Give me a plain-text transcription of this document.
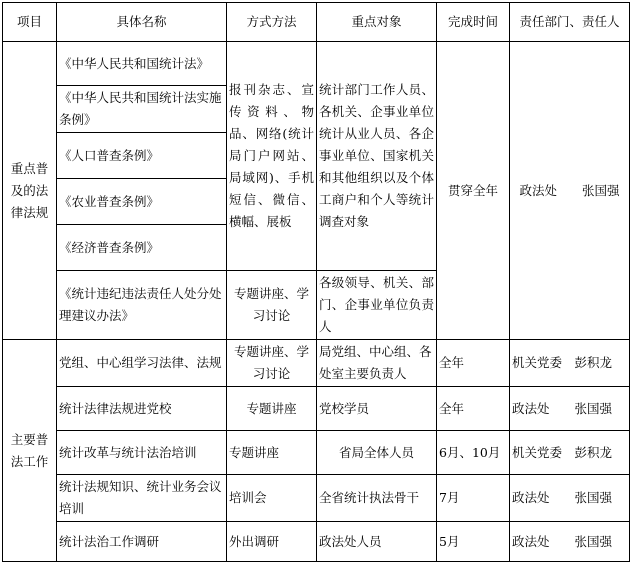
项目	具体名称	方式方法	重点对象	完成时间	责任部门、责任人
重点普及的法律法规	《中华人民共和国统计法》	报刊杂志、宣传资料、物品、网络(统计局门户网站、局域网)、手机短信、微信、横幅、展板	统计部门工作人员、各机关、企事业单位统计从业人员、各企事业单位、国家机关和其他组织以及个体工商户和个人等统计调查对象	贯穿全年	政法处　　张国强
	《中华人民共和国统计法实施条例》				
	《人口普查条例》				
	《农业普查条例》				
	《经济普查条例》				
	《统计违纪违法责任人处分处理建议办法》	专题讲座、学习讨论	各级领导、机关、部门、企事业单位负责人		
主要普法工作	党组、中心组学习法律、法规	专题讲座、学习讨论	局党组、中心组、各处室主要负责人	全年	机关党委　彭积龙
	统计法律法规进党校	专题讲座	党校学员	全年	政法处　　张国强
	统计改革与统计法治培训	专题讲座	省局全体人员	6月、10月	机关党委　彭积龙
	统计法规知识、统计业务会议培训	培训会	全省统计执法骨干	7月	政法处　　张国强
	统计法治工作调研	外出调研	政法处人员	5月	政法处　　张国强
